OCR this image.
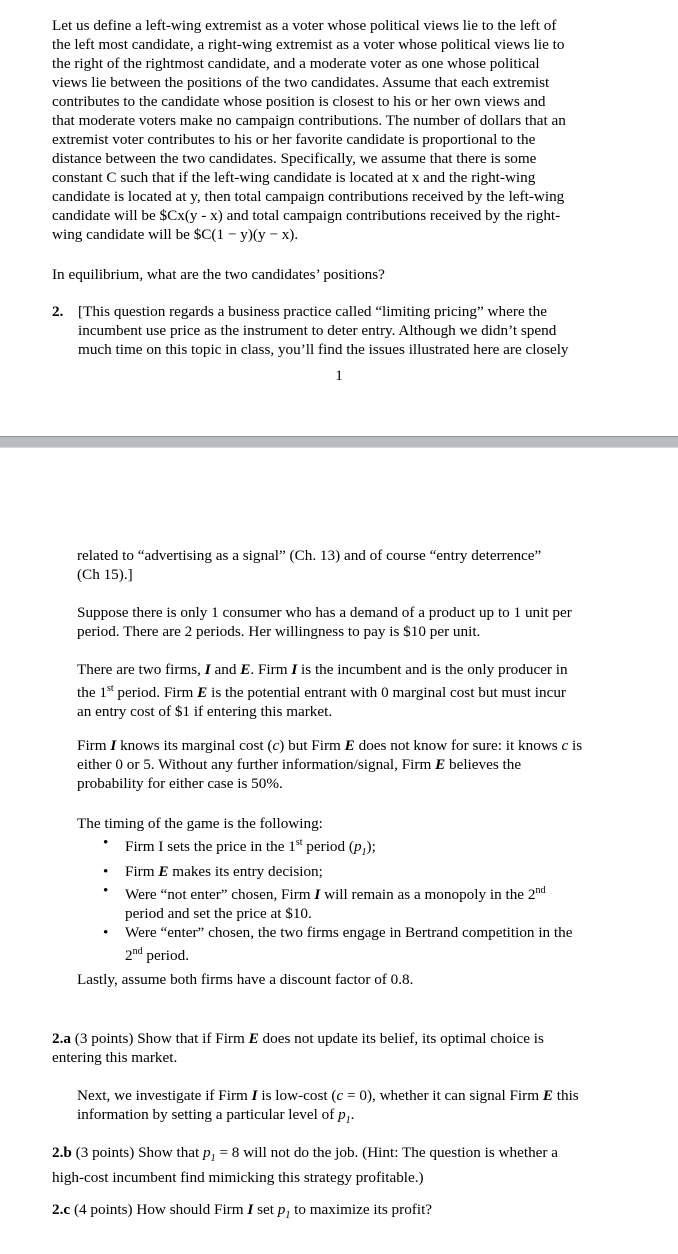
Let us define a left-wing extremist as a voter whose political views lie to the left of

the left most candidate, a right-wing extremist as a voter whose political views lie to

the right of the rightmost candidate, and a moderate voter as one whose political

views lie between the positions of the two candidates. Assume that each extremist

contributes to the candidate whose position is closest to his or her own views and

that moderate voters make no campaign contributions. The number of dollars that an

extremist voter contributes to his or her favorite candidate is proportional to the

distance between the two candidates. Specifically, we assume that there is some

constant C such that if the left-wing candidate is located at x and the right-wing

candidate is located at y, then total campaign contributions received by the left-wing

candidate will be $Cx(y - x) and total campaign contributions received by the right-

wing candidate will be $C(1 − y)(y − x).

In equilibrium, what are the two candidates’ positions?

2. [This question regards a business practice called “limiting pricing” where the

incumbent use price as the instrument to deter entry. Although we didn’t spend

much time on this topic in class, you’ll find the issues illustrated here are closely

1

related to “advertising as a signal” (Ch. 13) and of course “entry deterrence”

(Ch 15).]

Suppose there is only 1 consumer who has a demand of a product up to 1 unit per

period. There are 2 periods. Her willingness to pay is $10 per unit.

There are two firms, I and E. Firm I is the incumbent and is the only producer in

the 1st period. Firm E is the potential entrant with 0 marginal cost but must incur

an entry cost of $1 if entering this market.

Firm I knows its marginal cost (c) but Firm E does not know for sure: it knows c is

either 0 or 5. Without any further information/signal, Firm E believes the

probability for either case is 50%.

The timing of the game is the following:

• Firm I sets the price in the 1st period $(p_1)$;
• Firm E makes its entry decision;
• Were “not enter” chosen, Firm I will remain as a monopoly in the 2nd

period and set the price at $10.

• Were “enter” chosen, the two firms engage in Bertrand competition in the

2nd period.

Lastly, assume both firms have a discount factor of 0.8.

2.a (3 points) Show that if Firm E does not update its belief, its optimal choice is

entering this market.

Next, we investigate if Firm I is low-cost (c = 0), whether it can signal Firm E this

information by setting a particular level of $p_1$.

2.b (3 points) Show that $p_1 = 8$ will not do the job. (Hint: The question is whether a

high-cost incumbent find mimicking this strategy profitable.)

2.c (4 points) How should Firm I set $p_1$ to maximize its profit?
